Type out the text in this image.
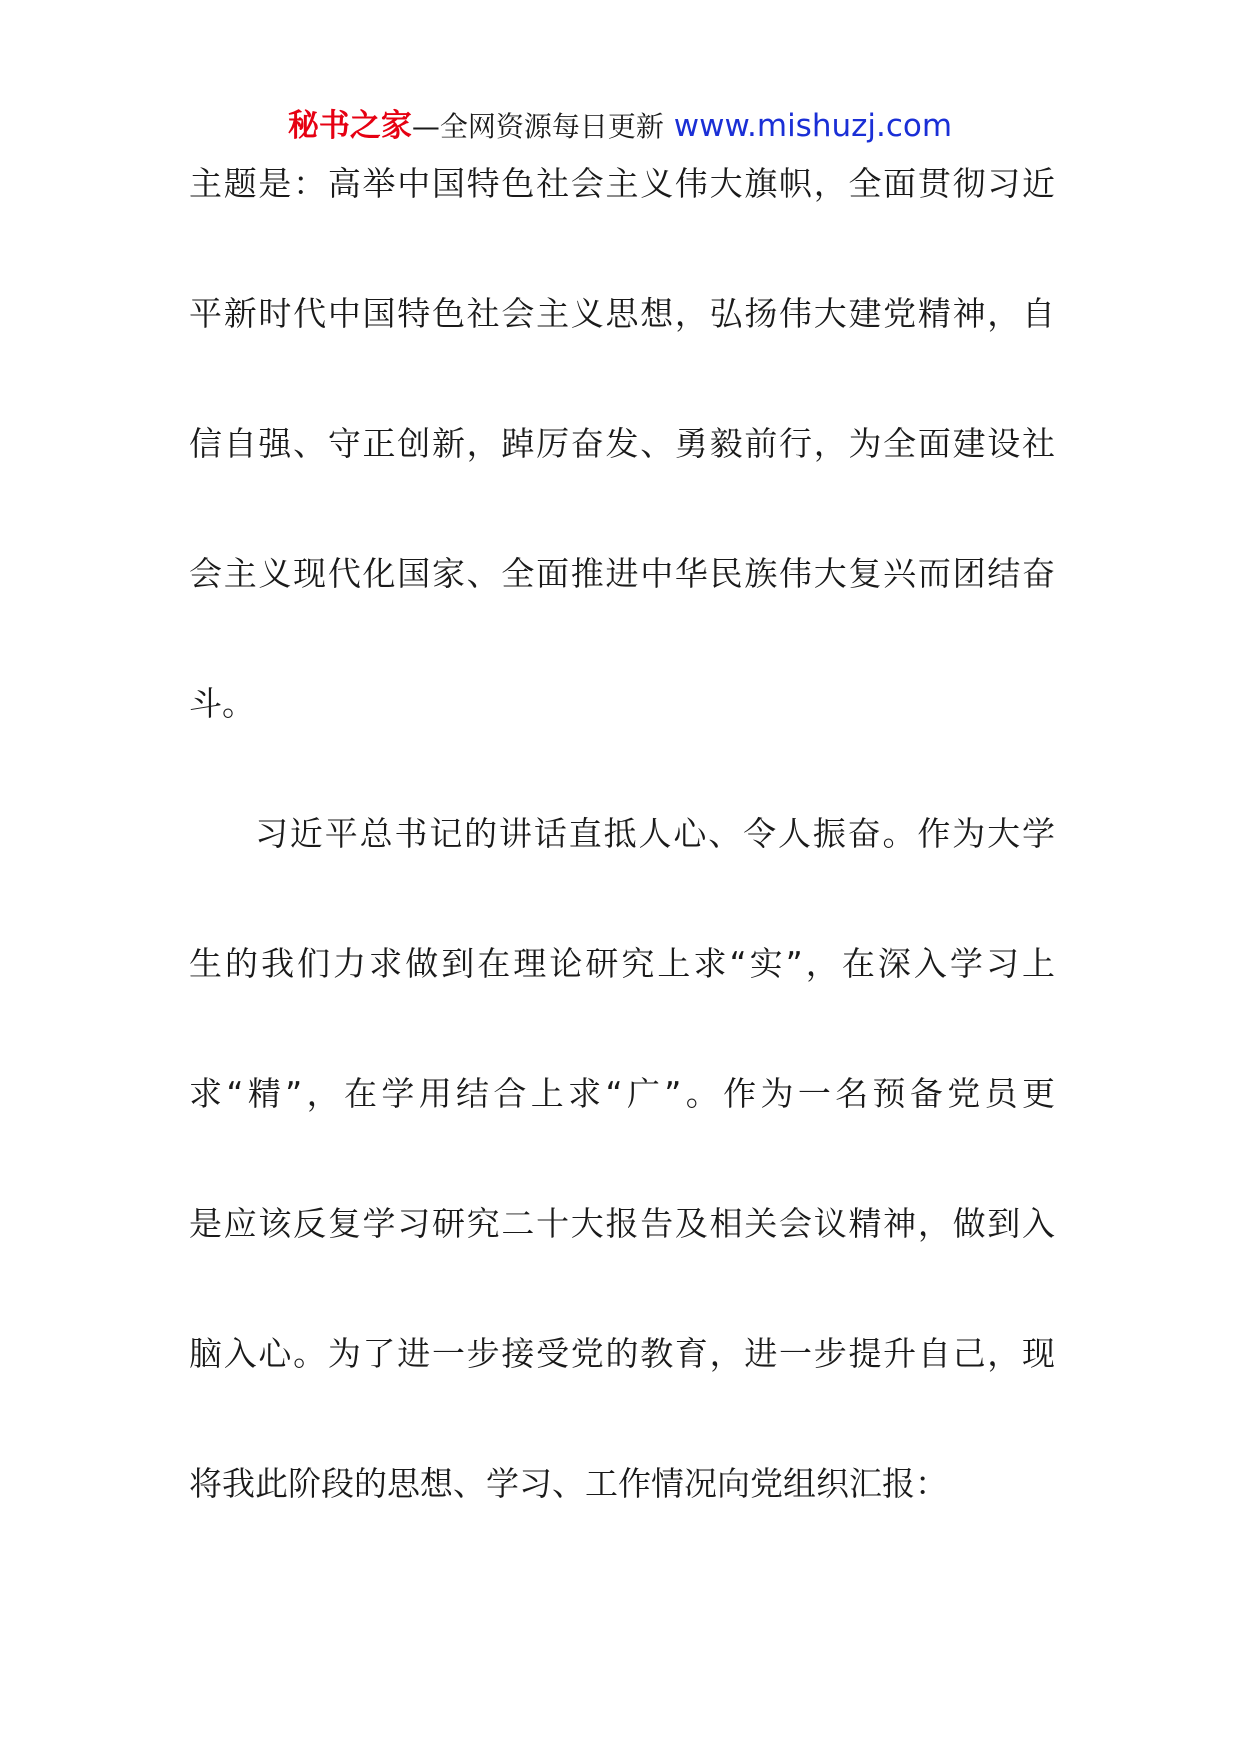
秘书之家—全网资源每日更新 www.mishuzj.com
主题是：高举中国特色社会主义伟大旗帜，全面贯彻习近
平新时代中国特色社会主义思想，弘扬伟大建党精神，自
信自强、守正创新，踔厉奋发、勇毅前行，为全面建设社
会主义现代化国家、全面推进中华民族伟大复兴而团结奋
斗。
习近平总书记的讲话直抵人心、令人振奋。作为大学
生的我们力求做到在理论研究上求“实”，在深入学习上
求“精”，在学用结合上求“广”。作为一名预备党员更
是应该反复学习研究二十大报告及相关会议精神，做到入
脑入心。为了进一步接受党的教育，进一步提升自己，现
将我此阶段的思想、学习、工作情况向党组织汇报：
